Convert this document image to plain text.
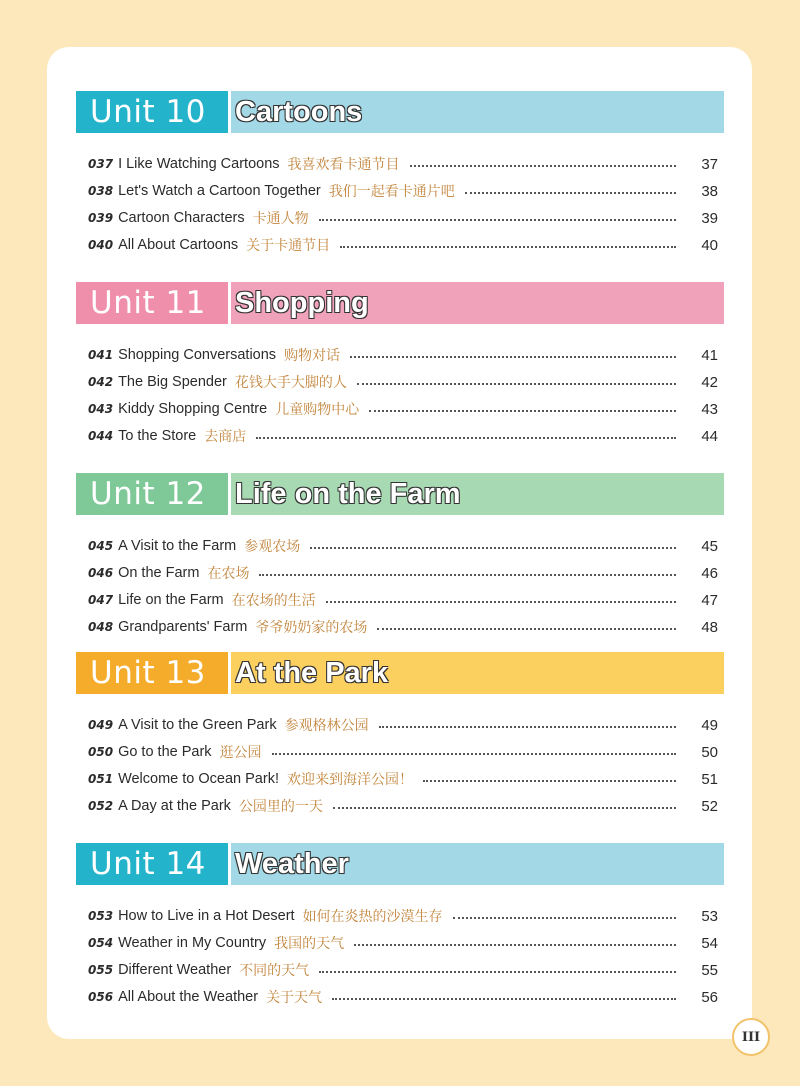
Unit 10	Cartoons
037 I Like Watching Cartoons 我喜欢看卡通节目	37
038 Let's Watch a Cartoon Together 我们一起看卡通片吧	38
039 Cartoon Characters 卡通人物	39
040 All About Cartoons 关于卡通节目	40
Unit 11	Shopping
041 Shopping Conversations 购物对话	41
042 The Big Spender 花钱大手大脚的人	42
043 Kiddy Shopping Centre 儿童购物中心	43
044 To the Store 去商店	44
Unit 12	Life on the Farm
045 A Visit to the Farm 参观农场	45
046 On the Farm 在农场	46
047 Life on the Farm 在农场的生活	47
048 Grandparents' Farm 爷爷奶奶家的农场	48
Unit 13	At the Park
049 A Visit to the Green Park 参观格林公园	49
050 Go to the Park 逛公园	50
051 Welcome to Ocean Park! 欢迎来到海洋公园！	51
052 A Day at the Park 公园里的一天	52
Unit 14	Weather
053 How to Live in a Hot Desert 如何在炎热的沙漠生存	53
054 Weather in My Country 我国的天气	54
055 Different Weather 不同的天气	55
056 All About the Weather 关于天气	56
III
